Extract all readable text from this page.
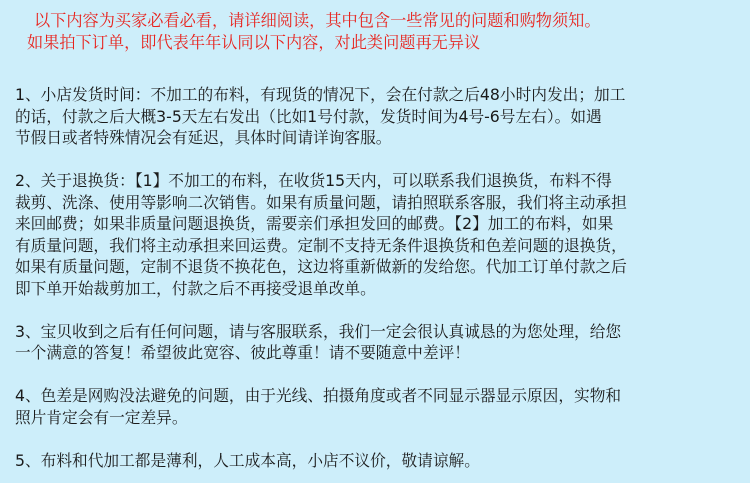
以下内容为买家必看必看，请详细阅读，其中包含一些常见的问题和购物须知。
如果拍下订单，即代表年年认同以下内容，对此类问题再无异议

1、小店发货时间：不加工的布料，有现货的情况下，会在付款之后48小时内发出；加工

的话，付款之后大概3-5天左右发出（比如1号付款，发货时间为4号-6号左右）。如遇

节假日或者特殊情况会有延迟，具体时间请详询客服。

2、关于退换货：【1】不加工的布料，在收货15天内，可以联系我们退换货，布料不得

裁剪、洗涤、使用等影响二次销售。如果有质量问题，请拍照联系客服，我们将主动承担

来回邮费；如果非质量问题退换货，需要亲们承担发回的邮费。【2】加工的布料，如果

有质量问题，我们将主动承担来回运费。定制不支持无条件退换货和色差问题的退换货，

如果有质量问题，定制不退货不换花色，这边将重新做新的发给您。代加工订单付款之后

即下单开始裁剪加工，付款之后不再接受退单改单。

3、宝贝收到之后有任何问题，请与客服联系，我们一定会很认真诚恳的为您处理，给您

一个满意的答复！希望彼此宽容、彼此尊重！请不要随意中差评！

4、色差是网购没法避免的问题，由于光线、拍摄角度或者不同显示器显示原因，实物和

照片肯定会有一定差异。

5、布料和代加工都是薄利，人工成本高，小店不议价，敬请谅解。
